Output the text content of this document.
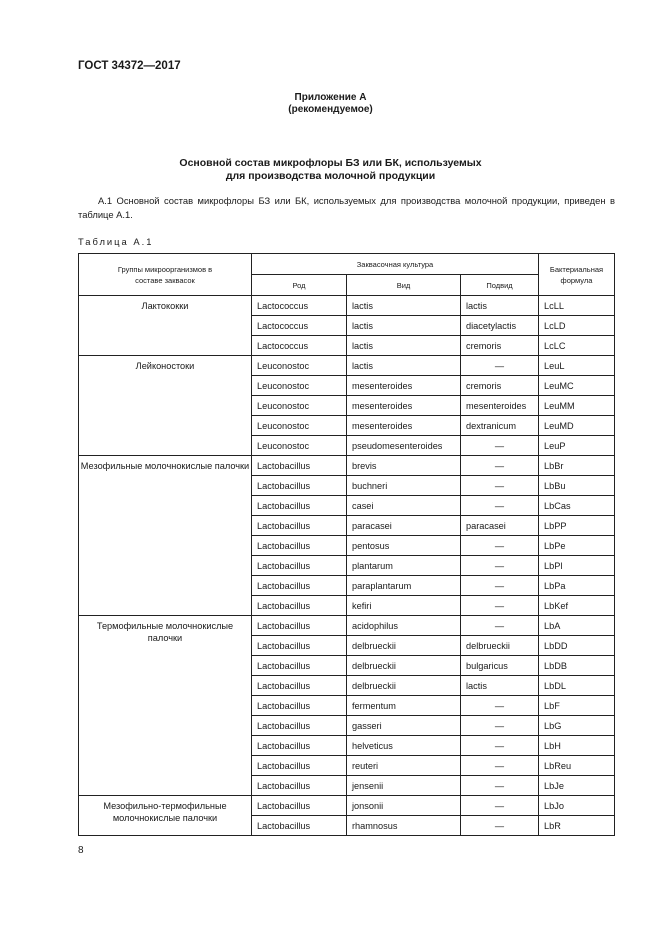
ГОСТ 34372—2017
Приложение А
(рекомендуемое)
Основной состав микрофлоры БЗ или БК, используемых
для производства молочной продукции

А.1 Основной состав микрофлоры БЗ или БК, используемых для производства молочной продукции, приведен в таблице А.1.

Таблица А.1
Группы микроорганизмов в составе заквасок	Заквасочная культура			Бактериальная формула
	Род	Вид	Подвид	
Лактококки	Lactococcus	lactis	lactis	LcLL
	Lactococcus	lactis	diacetylactis	LcLD
	Lactococcus	lactis	cremoris	LcLC
Лейконостоки	Leuconostoc	lactis	—	LeuL
	Leuconostoc	mesenteroides	cremoris	LeuMC
	Leuconostoc	mesenteroides	mesenteroides	LeuMM
	Leuconostoc	mesenteroides	dextranicum	LeuMD
	Leuconostoc	pseudomesenteroides	—	LeuP
Мезофильные молочнокислые палочки	Lactobacillus	brevis	—	LbBr
	Lactobacillus	buchneri	—	LbBu
	Lactobacillus	casei	—	LbCas
	Lactobacillus	paracasei	paracasei	LbPP
	Lactobacillus	pentosus	—	LbPe
	Lactobacillus	plantarum	—	LbPl
	Lactobacillus	paraplantarum	—	LbPa
	Lactobacillus	kefiri	—	LbKef
Термофильные молочнокислые палочки	Lactobacillus	acidophilus	—	LbA
	Lactobacillus	delbrueckii	delbrueckii	LbDD
	Lactobacillus	delbrueckii	bulgaricus	LbDB
	Lactobacillus	delbrueckii	lactis	LbDL
	Lactobacillus	fermentum	—	LbF
	Lactobacillus	gasseri	—	LbG
	Lactobacillus	helveticus	—	LbH
	Lactobacillus	reuteri	—	LbReu
	Lactobacillus	jensenii	—	LbJe
Мезофильно-термофильные молочнокислые палочки	Lactobacillus	jonsonii	—	LbJo
	Lactobacillus	rhamnosus	—	LbR
8
